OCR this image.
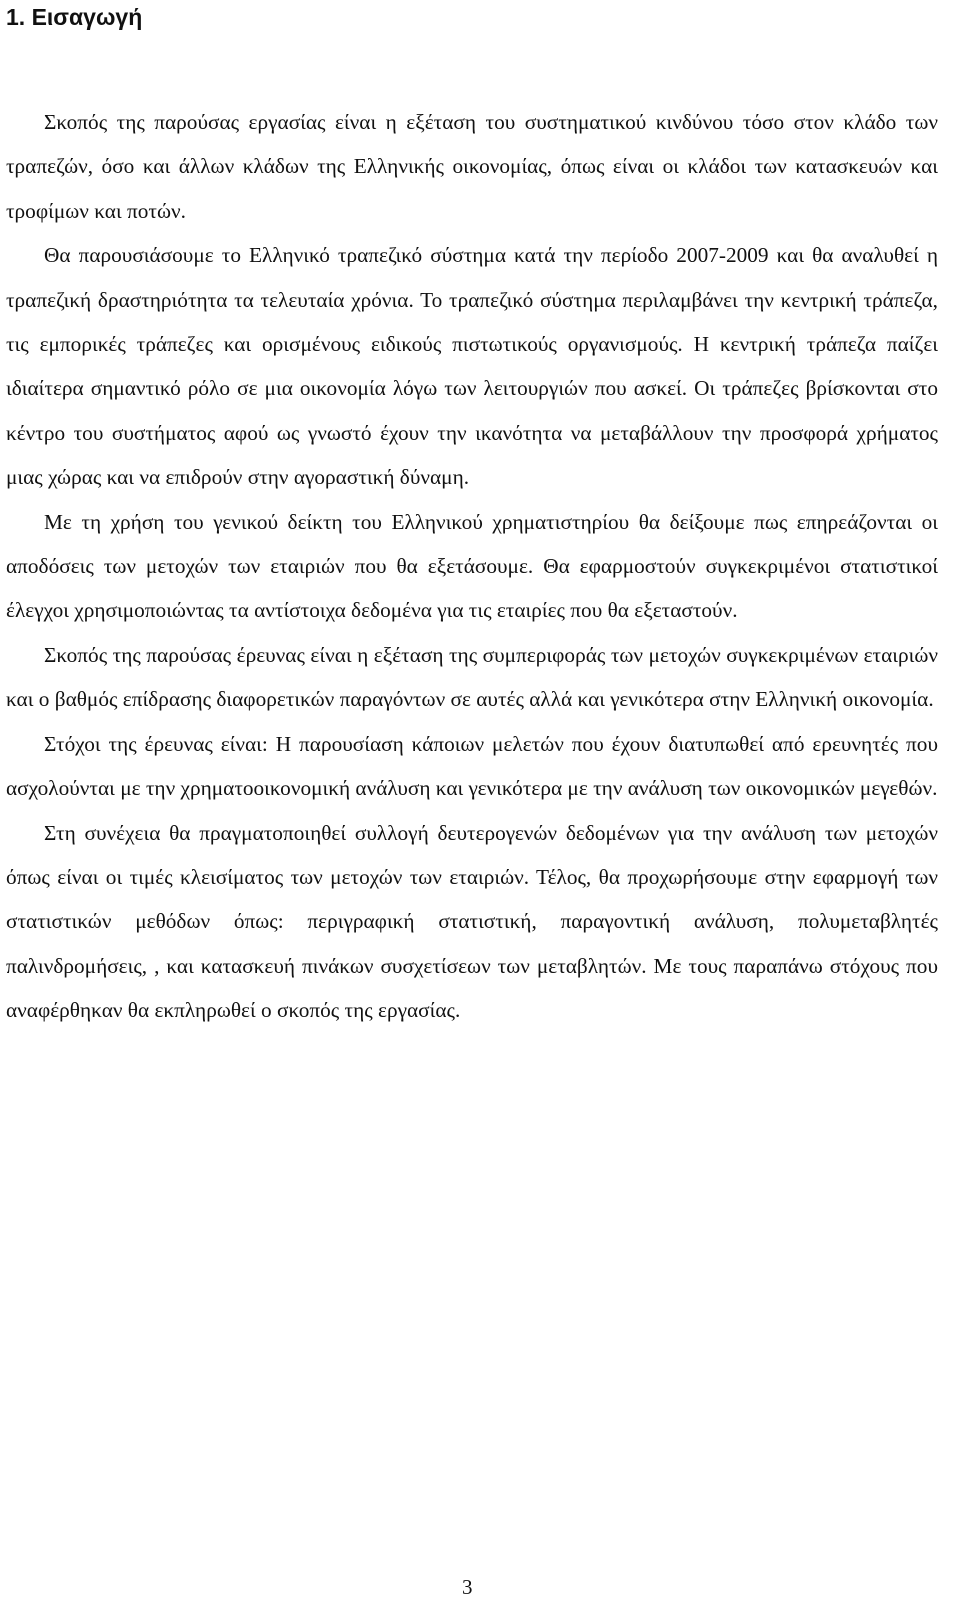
1. Εισαγωγή

Σκοπός της παρούσας εργασίας είναι η εξέταση του συστηματικού κινδύνου τόσο στον κλάδο των τραπεζών, όσο και άλλων κλάδων της Ελληνικής οικονομίας, όπως είναι οι κλάδοι των κατασκευών και τροφίμων και ποτών.

Θα παρουσιάσουμε το Ελληνικό τραπεζικό σύστημα κατά την περίοδο 2007-2009 και θα αναλυθεί η τραπεζική δραστηριότητα τα τελευταία χρόνια. Το τραπεζικό σύστημα περιλαμβάνει την κεντρική τράπεζα, τις εμπορικές τράπεζες και ορισμένους ειδικούς πιστωτικούς οργανισμούς. Η κεντρική τράπεζα παίζει ιδιαίτερα σημαντικό ρόλο σε μια οικονομία λόγω των λειτουργιών που ασκεί. Οι τράπεζες βρίσκονται στο κέντρο του συστήματος αφού ως γνωστό έχουν την ικανότητα να μεταβάλλουν την προσφορά χρήματος μιας χώρας και να επιδρούν στην αγοραστική δύναμη.

Με τη χρήση του γενικού δείκτη του Ελληνικού χρηματιστηρίου θα δείξουμε πως επηρεάζονται οι αποδόσεις των μετοχών των εταιριών που θα εξετάσουμε. Θα εφαρμοστούν συγκεκριμένοι στατιστικοί έλεγχοι χρησιμοποιώντας τα αντίστοιχα δεδομένα για τις εταιρίες που θα εξεταστούν.

Σκοπός της παρούσας έρευνας είναι η εξέταση της συμπεριφοράς των μετοχών συγκεκριμένων εταιριών και ο βαθμός επίδρασης διαφορετικών παραγόντων σε αυτές αλλά και γενικότερα στην Ελληνική οικονομία.

Στόχοι της έρευνας είναι: Η παρουσίαση κάποιων μελετών που έχουν διατυπωθεί από ερευνητές που ασχολούνται με την χρηματοοικονομική ανάλυση και γενικότερα με την ανάλυση των οικονομικών μεγεθών.

Στη συνέχεια θα πραγματοποιηθεί συλλογή δευτερογενών δεδομένων για την ανάλυση των μετοχών όπως είναι οι τιμές κλεισίματος των μετοχών των εταιριών. Τέλος, θα προχωρήσουμε στην εφαρμογή των στατιστικών μεθόδων όπως: περιγραφική στατιστική, παραγοντική ανάλυση, πολυμεταβλητές παλινδρομήσεις, , και κατασκευή πινάκων συσχετίσεων των μεταβλητών. Με τους παραπάνω στόχους που αναφέρθηκαν θα εκπληρωθεί ο σκοπός της εργασίας.

3
